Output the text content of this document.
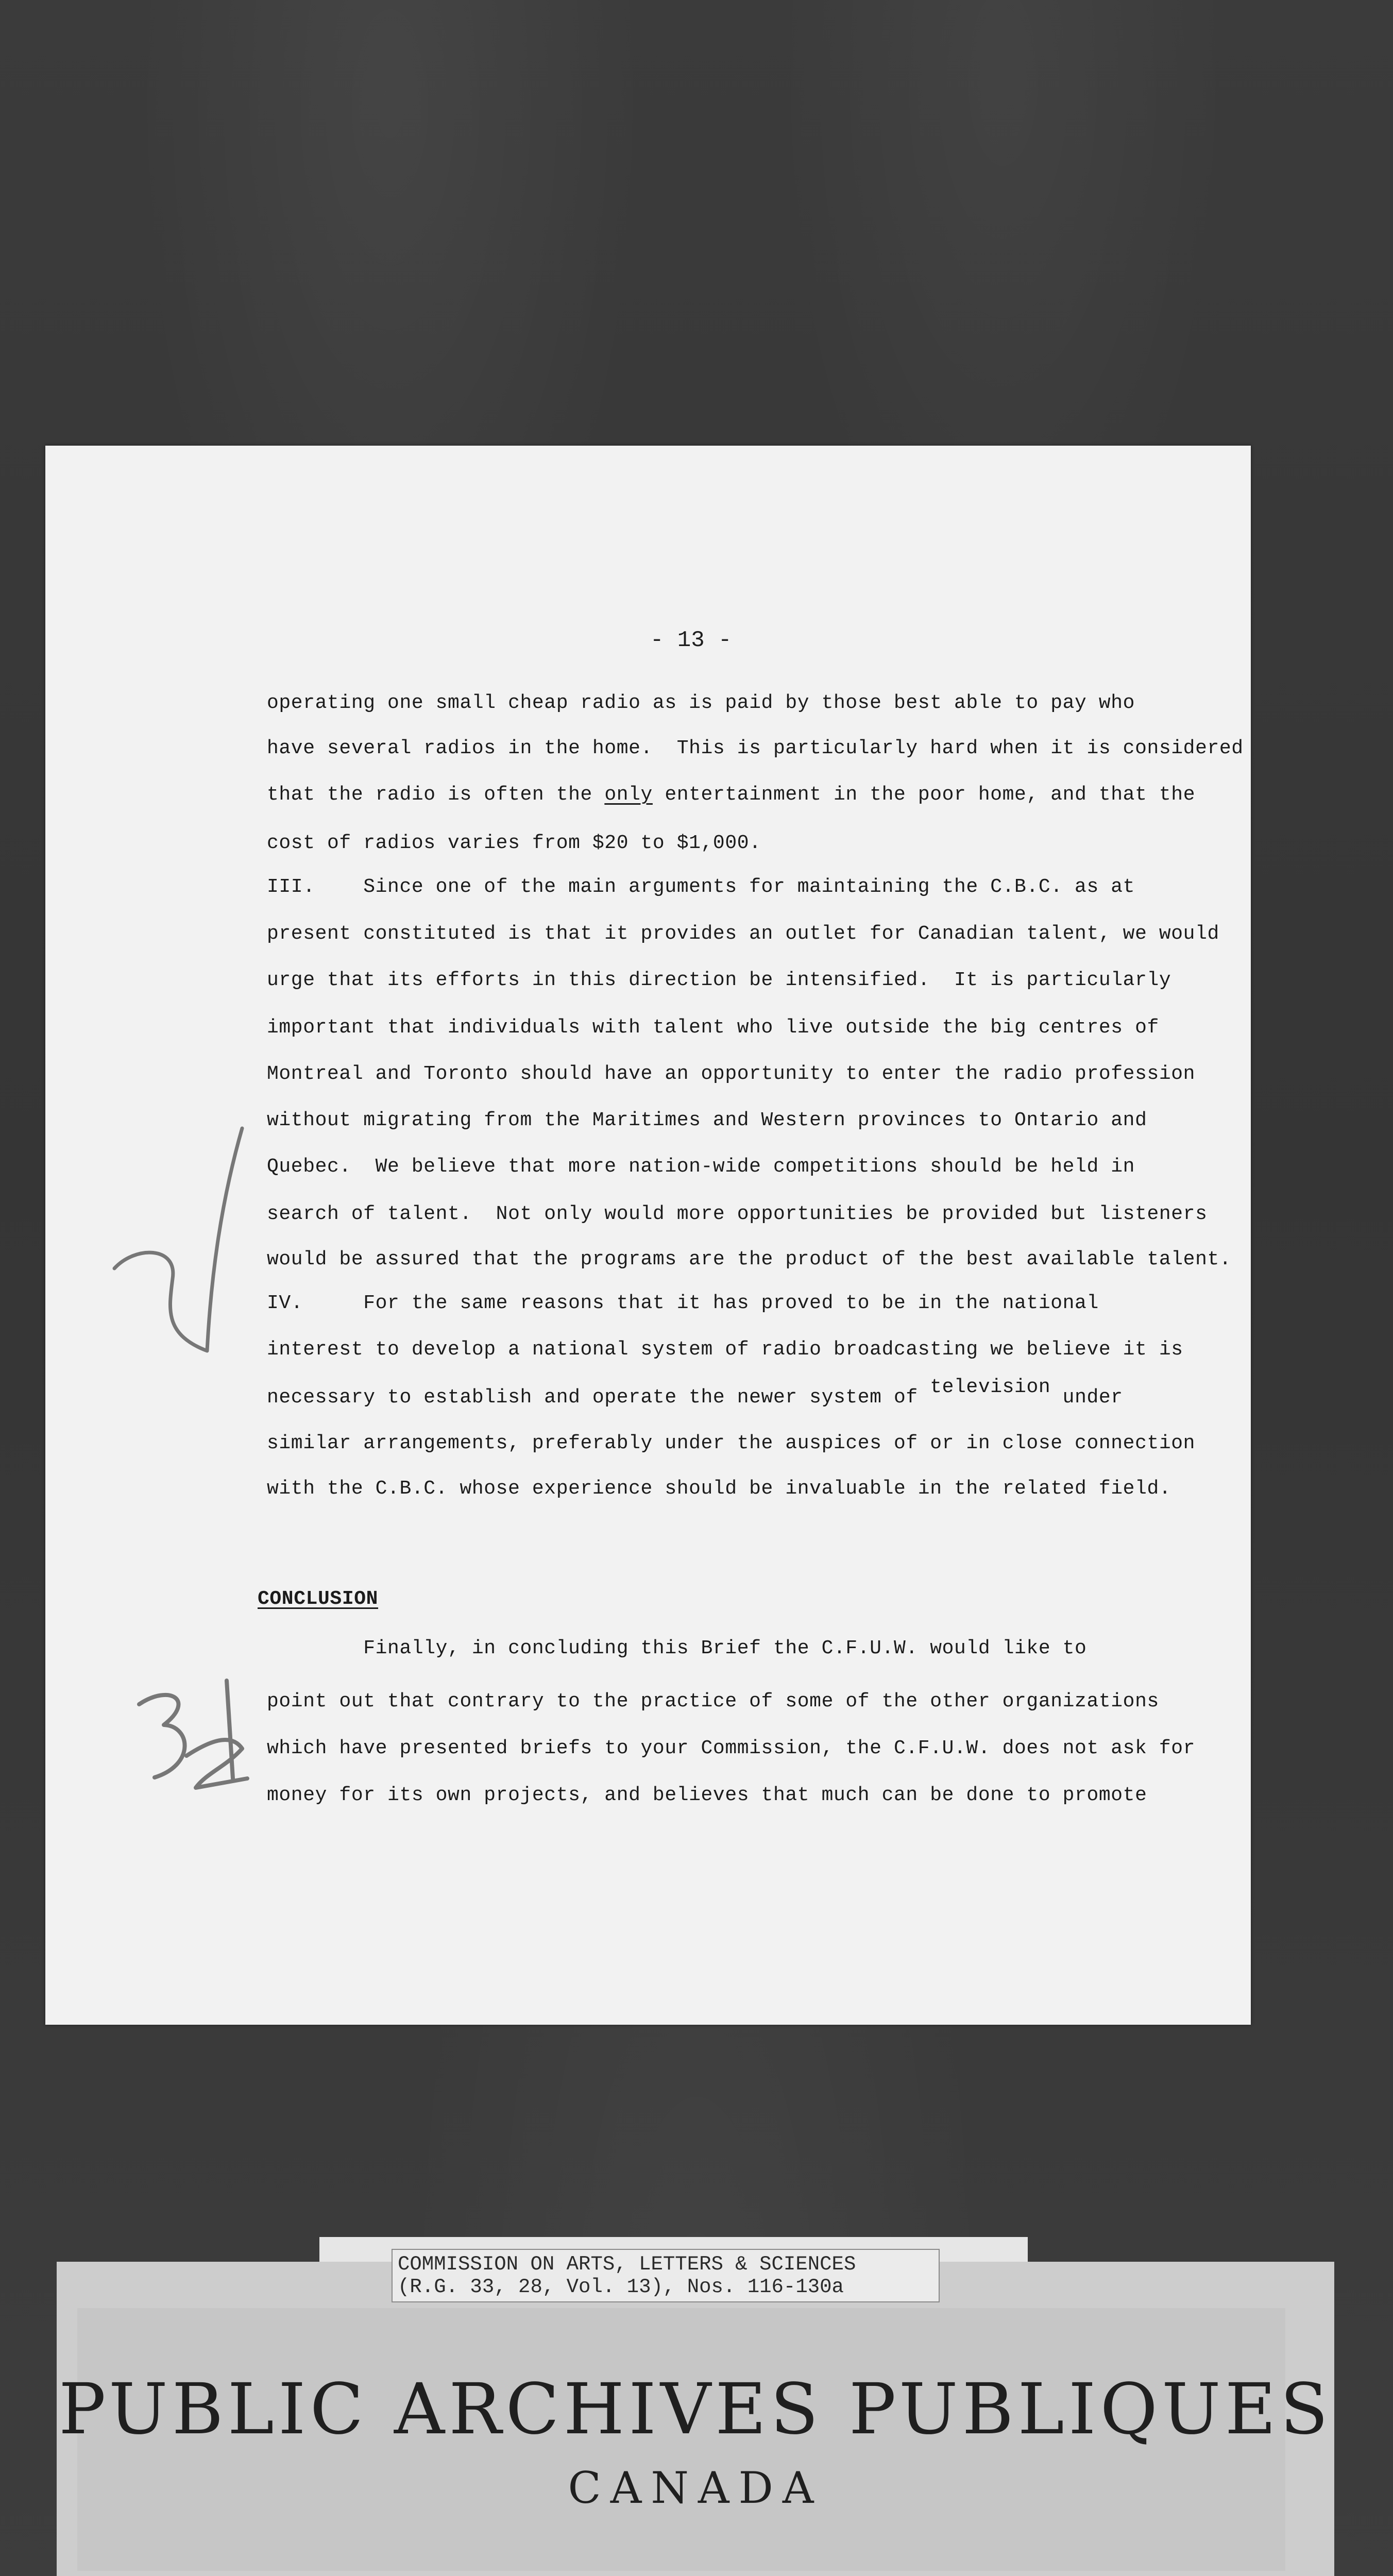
- 13 -
operating one small cheap radio as is paid by those best able to pay who
have several radios in the home.  This is particularly hard when it is considered
that the radio is often the only entertainment in the poor home, and that the
cost of radios varies from $20 to $1,000.
III.    Since one of the main arguments for maintaining the C.B.C. as at
present constituted is that it provides an outlet for Canadian talent, we would
urge that its efforts in this direction be intensified.  It is particularly
important that individuals with talent who live outside the big centres of
Montreal and Toronto should have an opportunity to enter the radio profession
without migrating from the Maritimes and Western provinces to Ontario and
Quebec.  We believe that more nation-wide competitions should be held in
search of talent.  Not only would more opportunities be provided but listeners
would be assured that the programs are the product of the best available talent.
IV.     For the same reasons that it has proved to be in the national
interest to develop a national system of radio broadcasting we believe it is
necessary to establish and operate the newer system of television under
similar arrangements, preferably under the auspices of or in close connection
with the C.B.C. whose experience should be invaluable in the related field.
CONCLUSION
Finally, in concluding this Brief the C.F.U.W. would like to
point out that contrary to the practice of some of the other organizations
which have presented briefs to your Commission, the C.F.U.W. does not ask for
money for its own projects, and believes that much can be done to promote
PUBLIC ARCHIVES PUBLIQUES
CANADA
COMMISSION ON ARTS, LETTERS & SCIENCES
(R.G. 33, 28, Vol. 13), Nos. 116-130a
